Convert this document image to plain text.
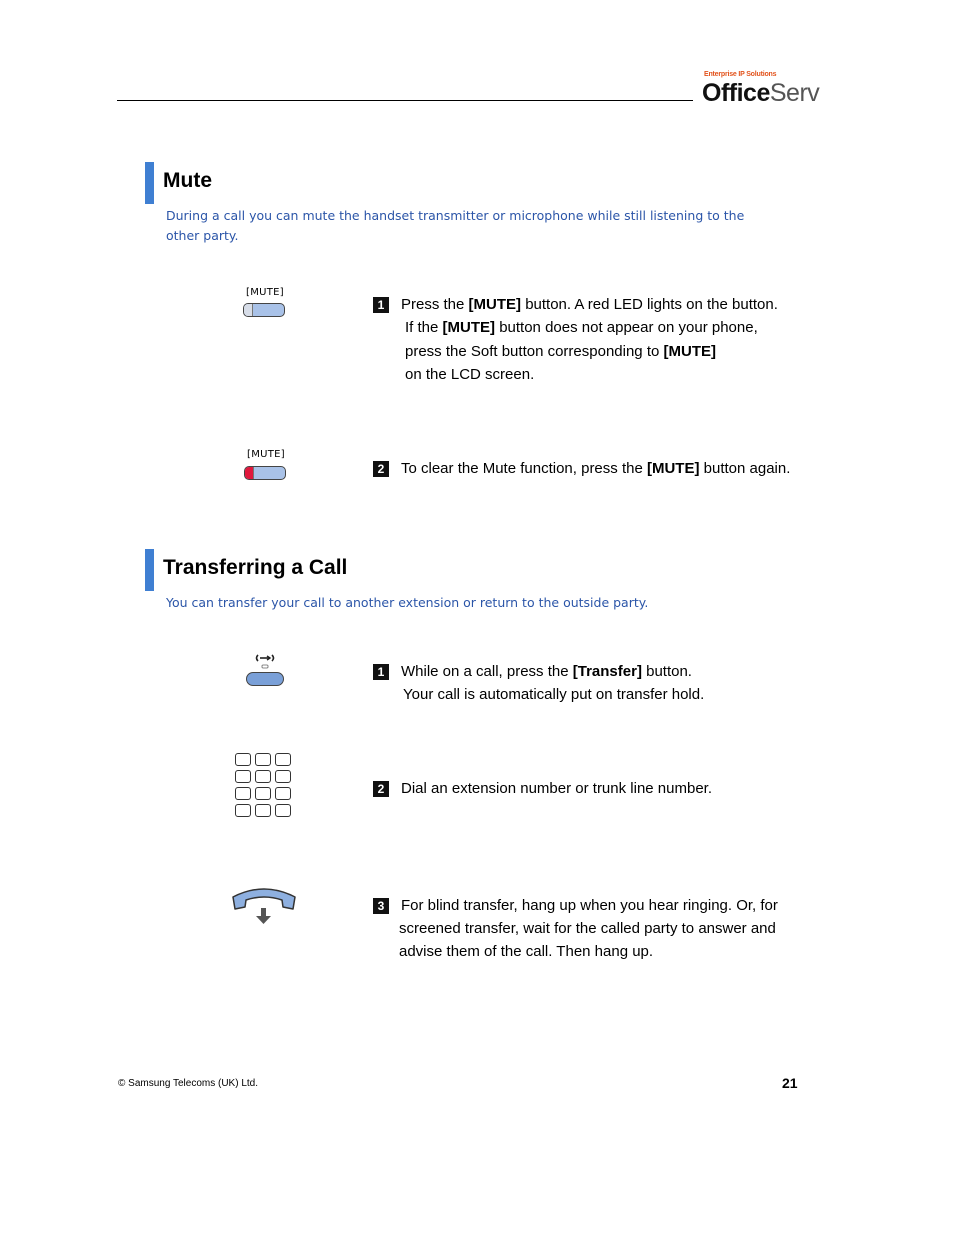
Enterprise IP Solutions
OfficeServ
Mute
During a call you can mute the handset transmitter or microphone while still listening to the other party.
[MUTE]
1	Press the [MUTE] button. A red LED lights on the button.
If the [MUTE] button does not appear on your phone,
press the Soft button corresponding to [MUTE]
on the LCD screen.
[MUTE]
2	To clear the Mute function, press the [MUTE] button again.
Transferring a Call
You can transfer your call to another extension or return to the outside party.
1	While on a call, press the [Transfer] button.
Your call is automatically put on transfer hold.
2	Dial an extension number or trunk line number.
3	For blind transfer, hang up when you hear ringing. Or, for
screened transfer, wait for the called party to answer and
advise them of the call. Then hang up.
© Samsung Telecoms (UK) Ltd.	21
